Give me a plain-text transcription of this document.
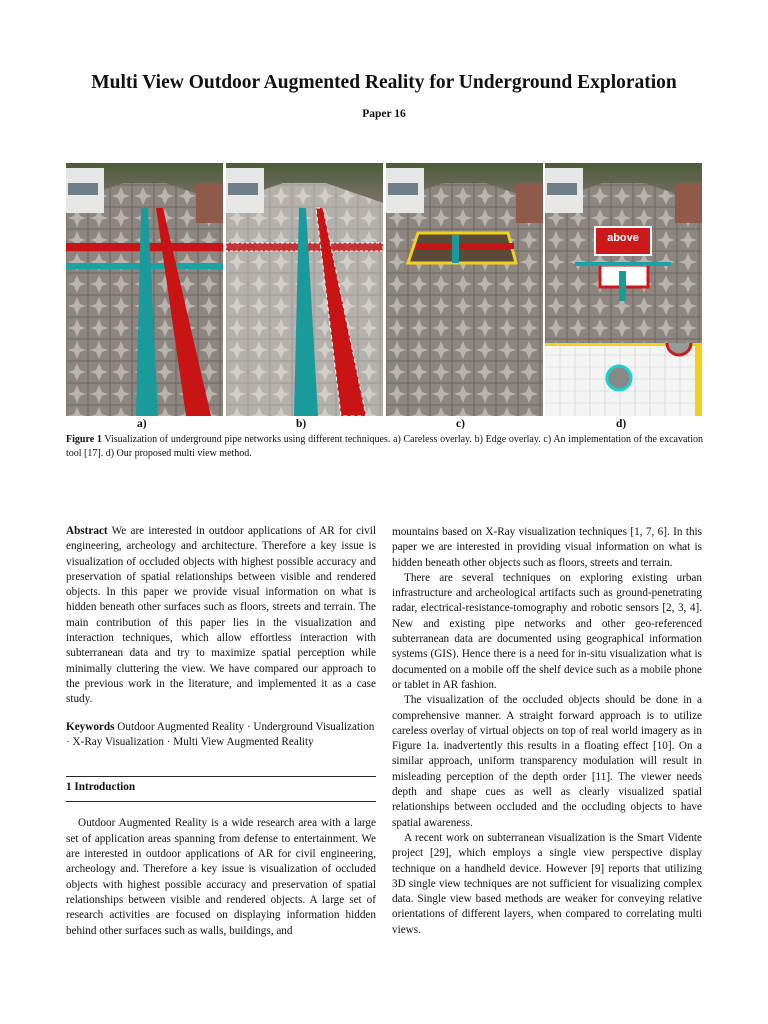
Multi View Outdoor Augmented Reality for Underground Exploration
Paper 16
above
a)	b)	c)	d)
Figure 1 Visualization of underground pipe networks using different techniques. a) Careless overlay. b) Edge overlay. c) An implementation of the excavation tool [17]. d) Our proposed multi view method.

Abstract We are interested in outdoor applications of AR for civil engineering, archeology and architecture. Therefore a key issue is visualization of occluded objects with highest possible accuracy and preservation of spatial relationships between visible and rendered objects. In this paper we provide visual information on what is hidden beneath other surfaces such as floors, streets and terrain. The main contribution of this paper lies in the visualization and interaction techniques, which allow effortless interaction with subterranean data and try to maximize spatial perception while minimally cluttering the view. We have compared our approach to the previous work in the literature, and implemented it as a case study.

Keywords Outdoor Augmented Reality · Underground Visualization · X-Ray Visualization · Multi View Augmented Reality

1 Introduction

Outdoor Augmented Reality is a wide research area with a large set of application areas spanning from defense to entertainment. We are interested in outdoor applications of AR for civil engineering, archeology and. Therefore a key issue is visualization of occluded objects with highest possible accuracy and preservation of spatial relationships between visible and rendered objects. A large set of research activities are focused on displaying information hidden behind other surfaces such as walls, buildings, and

mountains based on X-Ray visualization techniques [1, 7, 6]. In this paper we are interested in providing visual information on what is hidden beneath other objects such as floors, streets and terrain.

There are several techniques on exploring existing urban infrastructure and archeological artifacts such as ground-penetrating radar, electrical-resistance-tomography and robotic sensors [2, 3, 4]. New and existing pipe networks and other geo-referenced subterranean data are documented using geographical information systems (GIS). Hence there is a need for in-situ visualization what is documented on a mobile off the shelf device such as a mobile phone or tablet in AR fashion.

The visualization of the occluded objects should be done in a comprehensive manner. A straight forward approach is to utilize careless overlay of virtual objects on top of real world imagery as in Figure 1a. inadvertently this results in a floating effect [10]. On a similar approach, uniform transparency modulation will result in misleading perception of the depth order [11]. The viewer needs depth and shape cues as well as clearly visualized spatial relationships between occluded and the occluding objects to have spatial awareness.

A recent work on subterranean visualization is the Smart Vidente project [29], which employs a single view perspective display technique on a handheld device. However [9] reports that utilizing 3D single view techniques are not sufficient for visualizing complex data. Single view based methods are weaker for conveying relative orientations of different layers, when compared to correlating multi views.
